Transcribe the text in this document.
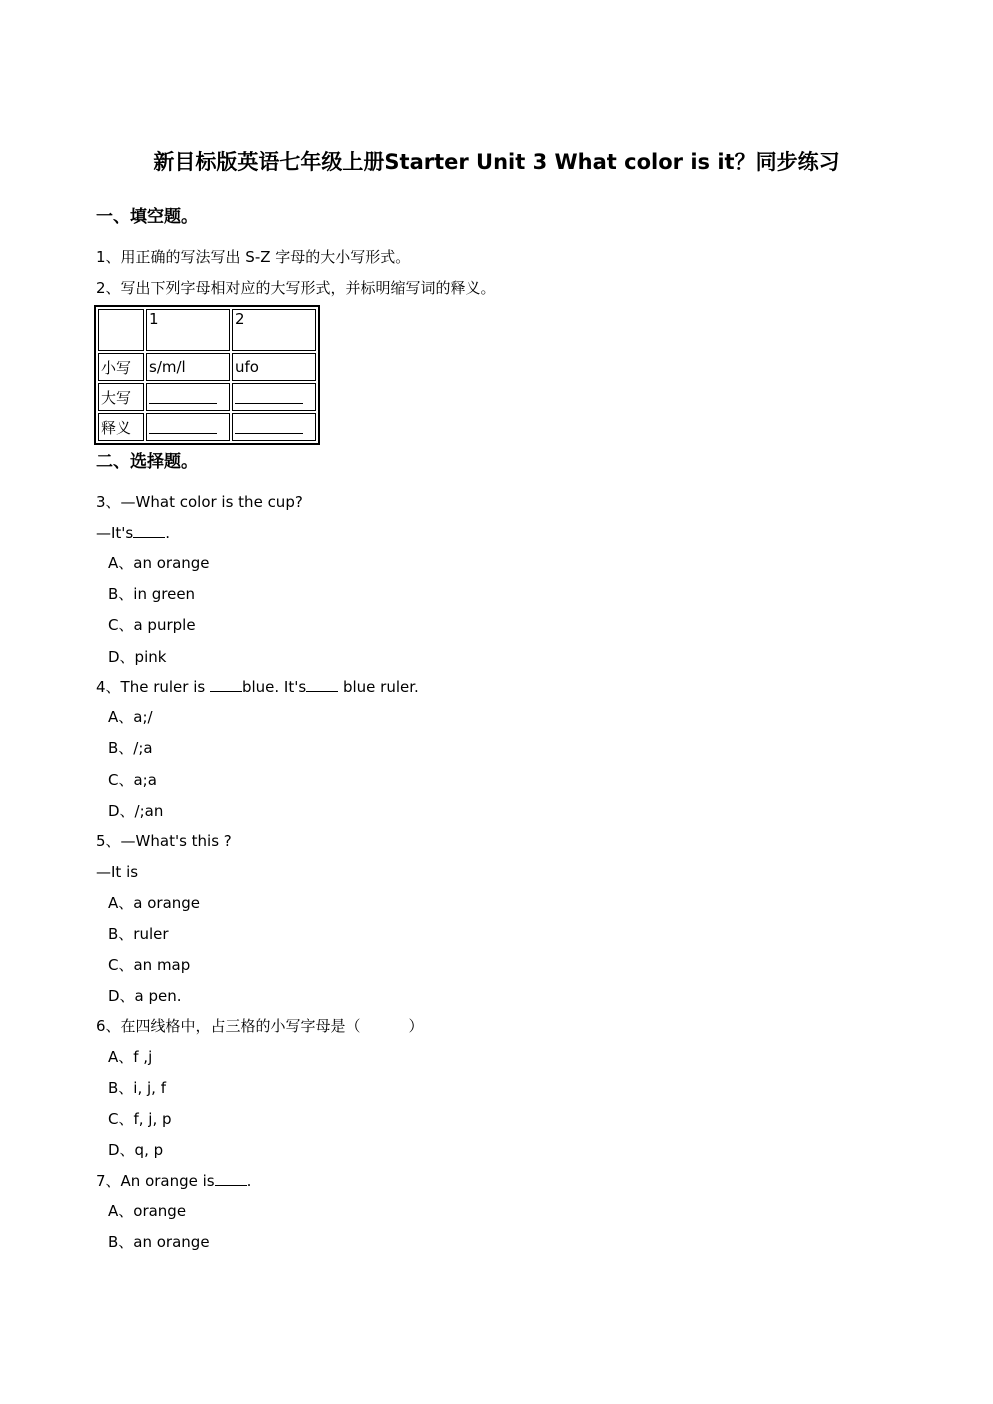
新目标版英语七年级上册Starter Unit 3 What color is it？同步练习
一、填空题。
1、用正确的写法写出 S-Z 字母的大小写形式。
2、写出下列字母相对应的大写形式，并标明缩写词的释义。
	1	2
小写	s/m/l	ufo
大写		
释义		
二、选择题。
3、—What color is the cup?
—It's .
A、an orange
B、in green
C、a purple
D、pink
4、The ruler is blue. It's blue ruler.
A、a;/
B、/;a
C、a;a
D、/;an
5、—What's this ?
—It is
A、a orange
B、ruler
C、an map
D、a pen.
6、在四线格中，占三格的小写字母是（	）
A、f ,j
B、i, j, f
C、f, j, p
D、q, p
7、An orange is .
A、orange
B、an orange
